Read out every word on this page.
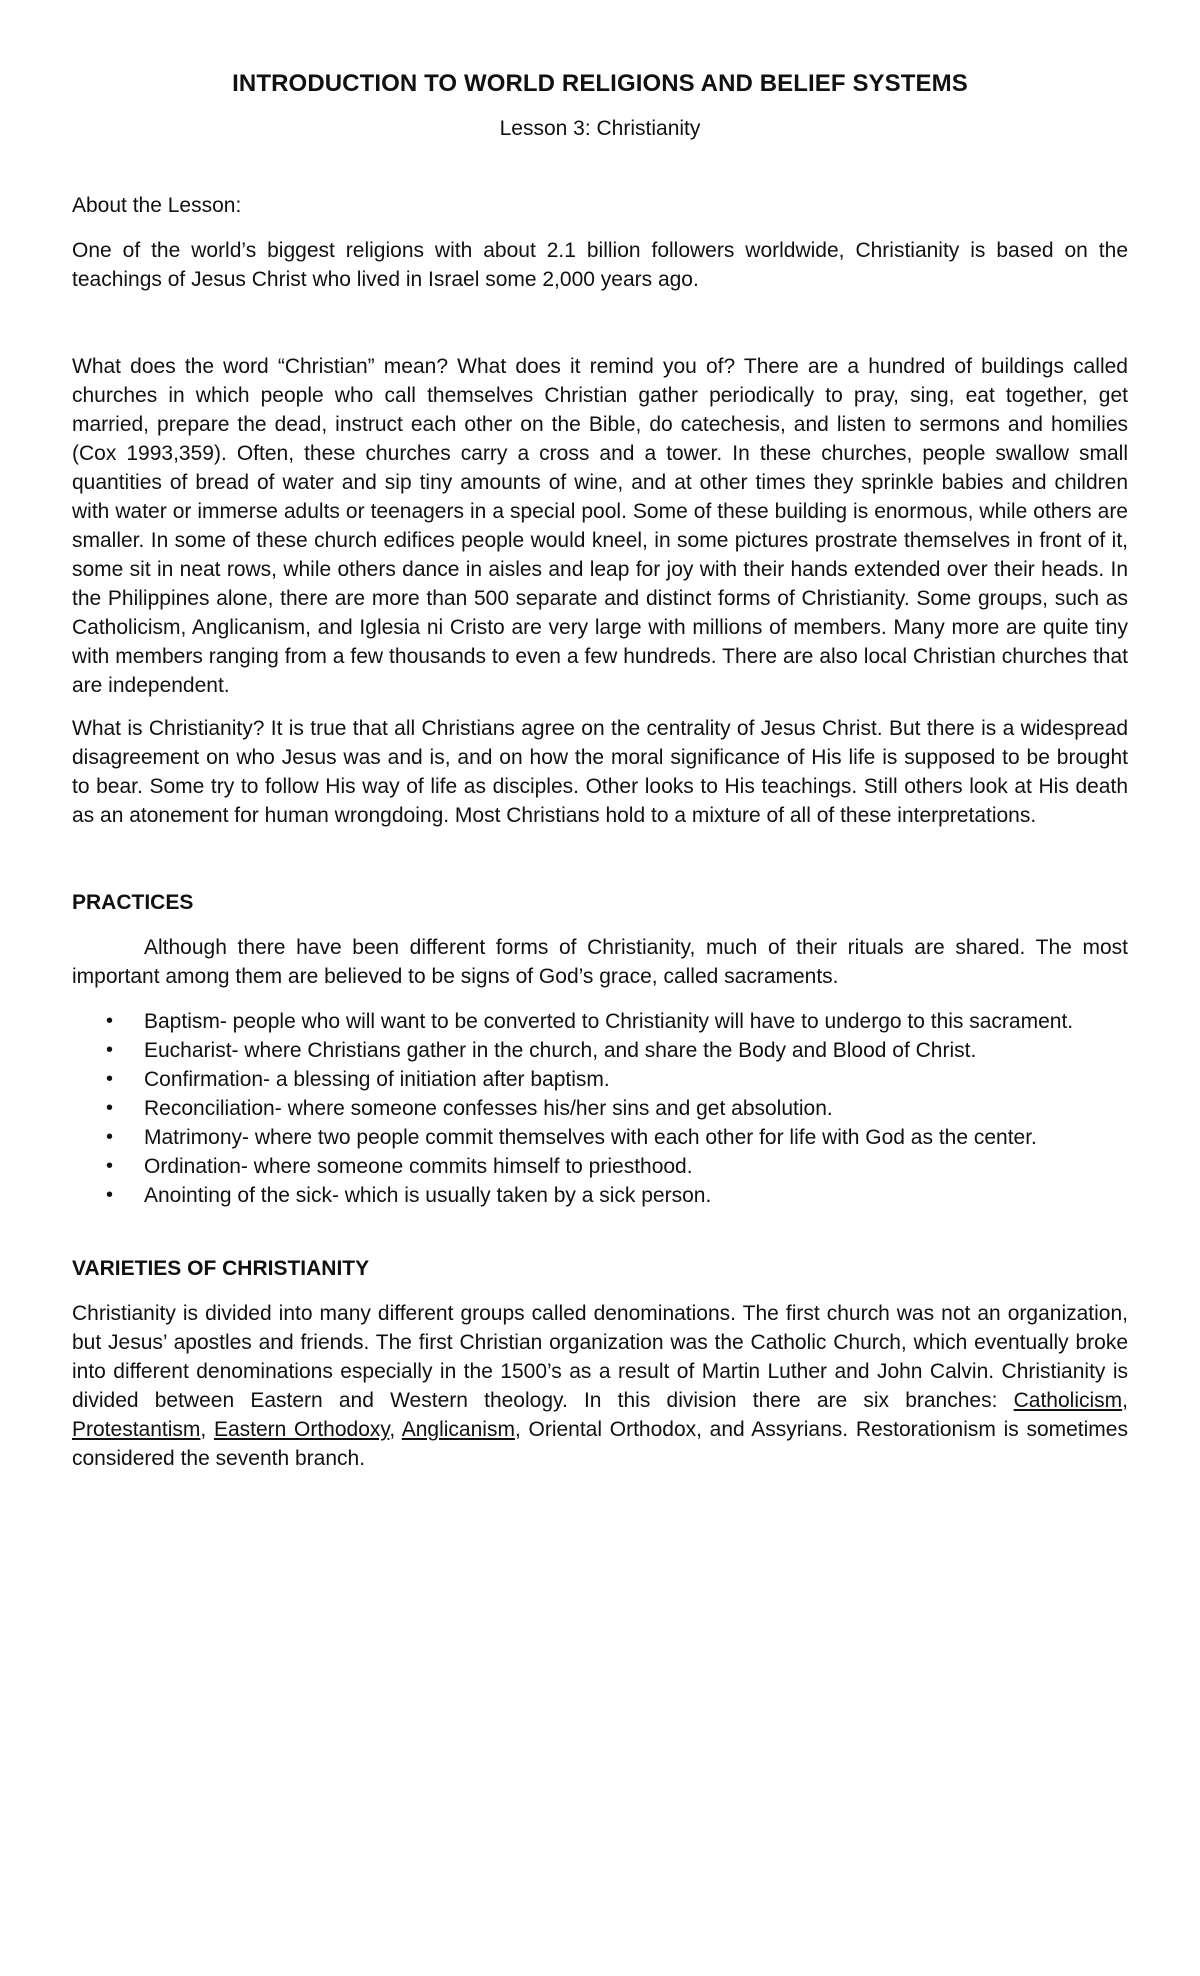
INTRODUCTION TO WORLD RELIGIONS AND BELIEF SYSTEMS
Lesson 3: Christianity

About the Lesson:

One of the world’s biggest religions with about 2.1 billion followers worldwide, Christianity is based on the teachings of Jesus Christ who lived in Israel some 2,000 years ago.

What does the word “Christian” mean? What does it remind you of? There are a hundred of buildings called churches in which people who call themselves Christian gather periodically to pray, sing, eat together, get married, prepare the dead, instruct each other on the Bible, do catechesis, and listen to sermons and homilies (Cox 1993,359). Often, these churches carry a cross and a tower. In these churches, people swallow small quantities of bread of water and sip tiny amounts of wine, and at other times they sprinkle babies and children with water or immerse adults or teenagers in a special pool. Some of these building is enormous, while others are smaller. In some of these church edifices people would kneel, in some pictures prostrate themselves in front of it, some sit in neat rows, while others dance in aisles and leap for joy with their hands extended over their heads. In the Philippines alone, there are more than 500 separate and distinct forms of Christianity. Some groups, such as Catholicism, Anglicanism, and Iglesia ni Cristo are very large with millions of members. Many more are quite tiny with members ranging from a few thousands to even a few hundreds. There are also local Christian churches that are independent.

What is Christianity? It is true that all Christians agree on the centrality of Jesus Christ. But there is a widespread disagreement on who Jesus was and is, and on how the moral significance of His life is supposed to be brought to bear. Some try to follow His way of life as disciples. Other looks to His teachings. Still others look at His death as an atonement for human wrongdoing. Most Christians hold to a mixture of all of these interpretations.

PRACTICES

Although there have been different forms of Christianity, much of their rituals are shared. The most important among them are believed to be signs of God’s grace, called sacraments.

• Baptism- people who will want to be converted to Christianity will have to undergo to this sacrament.
• Eucharist- where Christians gather in the church, and share the Body and Blood of Christ.
• Confirmation- a blessing of initiation after baptism.
• Reconciliation- where someone confesses his/her sins and get absolution.
• Matrimony- where two people commit themselves with each other for life with God as the center.
• Ordination- where someone commits himself to priesthood.
• Anointing of the sick- which is usually taken by a sick person.
VARIETIES OF CHRISTIANITY

Christianity is divided into many different groups called denominations. The first church was not an organization, but Jesus’ apostles and friends. The first Christian organization was the Catholic Church, which eventually broke into different denominations especially in the 1500’s as a result of Martin Luther and John Calvin. Christianity is divided between Eastern and Western theology. In this division there are six branches: Catholicism, Protestantism, Eastern Orthodoxy, Anglicanism, Oriental Orthodox, and Assyrians. Restorationism is sometimes considered the seventh branch.
